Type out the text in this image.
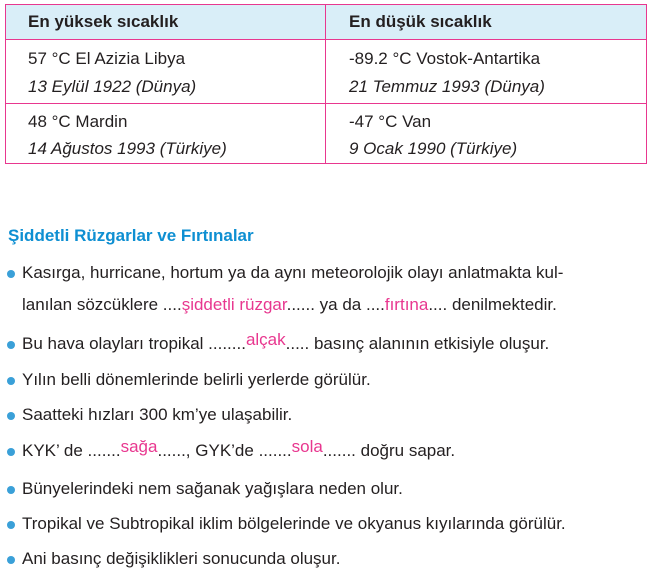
En yüksek sıcaklık	En düşük sıcaklık
57 °C El Azizia Libya
13 Eylül 1922 (Dünya)
-89.2 °C Vostok-Antartika
21 Temmuz 1993 (Dünya)
48 °C Mardin
14 Ağustos 1993 (Türkiye)
-47 °C Van
9 Ocak 1990 (Türkiye)
Şiddetli Rüzgarlar ve Fırtınalar
Kasırga, hurricane, hortum ya da aynı meteorolojik olayı anlatmakta kul-
lanılan sözcüklere ....şiddetli rüzgar...... ya da ....fırtına.... denilmektedir.
Bu hava olayları tropikal ........alçak..... basınç alanının etkisiyle oluşur.
Yılın belli dönemlerinde belirli yerlerde görülür.
Saatteki hızları 300 km’ye ulaşabilir.
KYK’ de .......sağa......, GYK’de .......sola....... doğru sapar.
Bünyelerindeki nem sağanak yağışlara neden olur.
Tropikal ve Subtropikal iklim bölgelerinde ve okyanus kıyılarında görülür.
Ani basınç değişiklikleri sonucunda oluşur.
